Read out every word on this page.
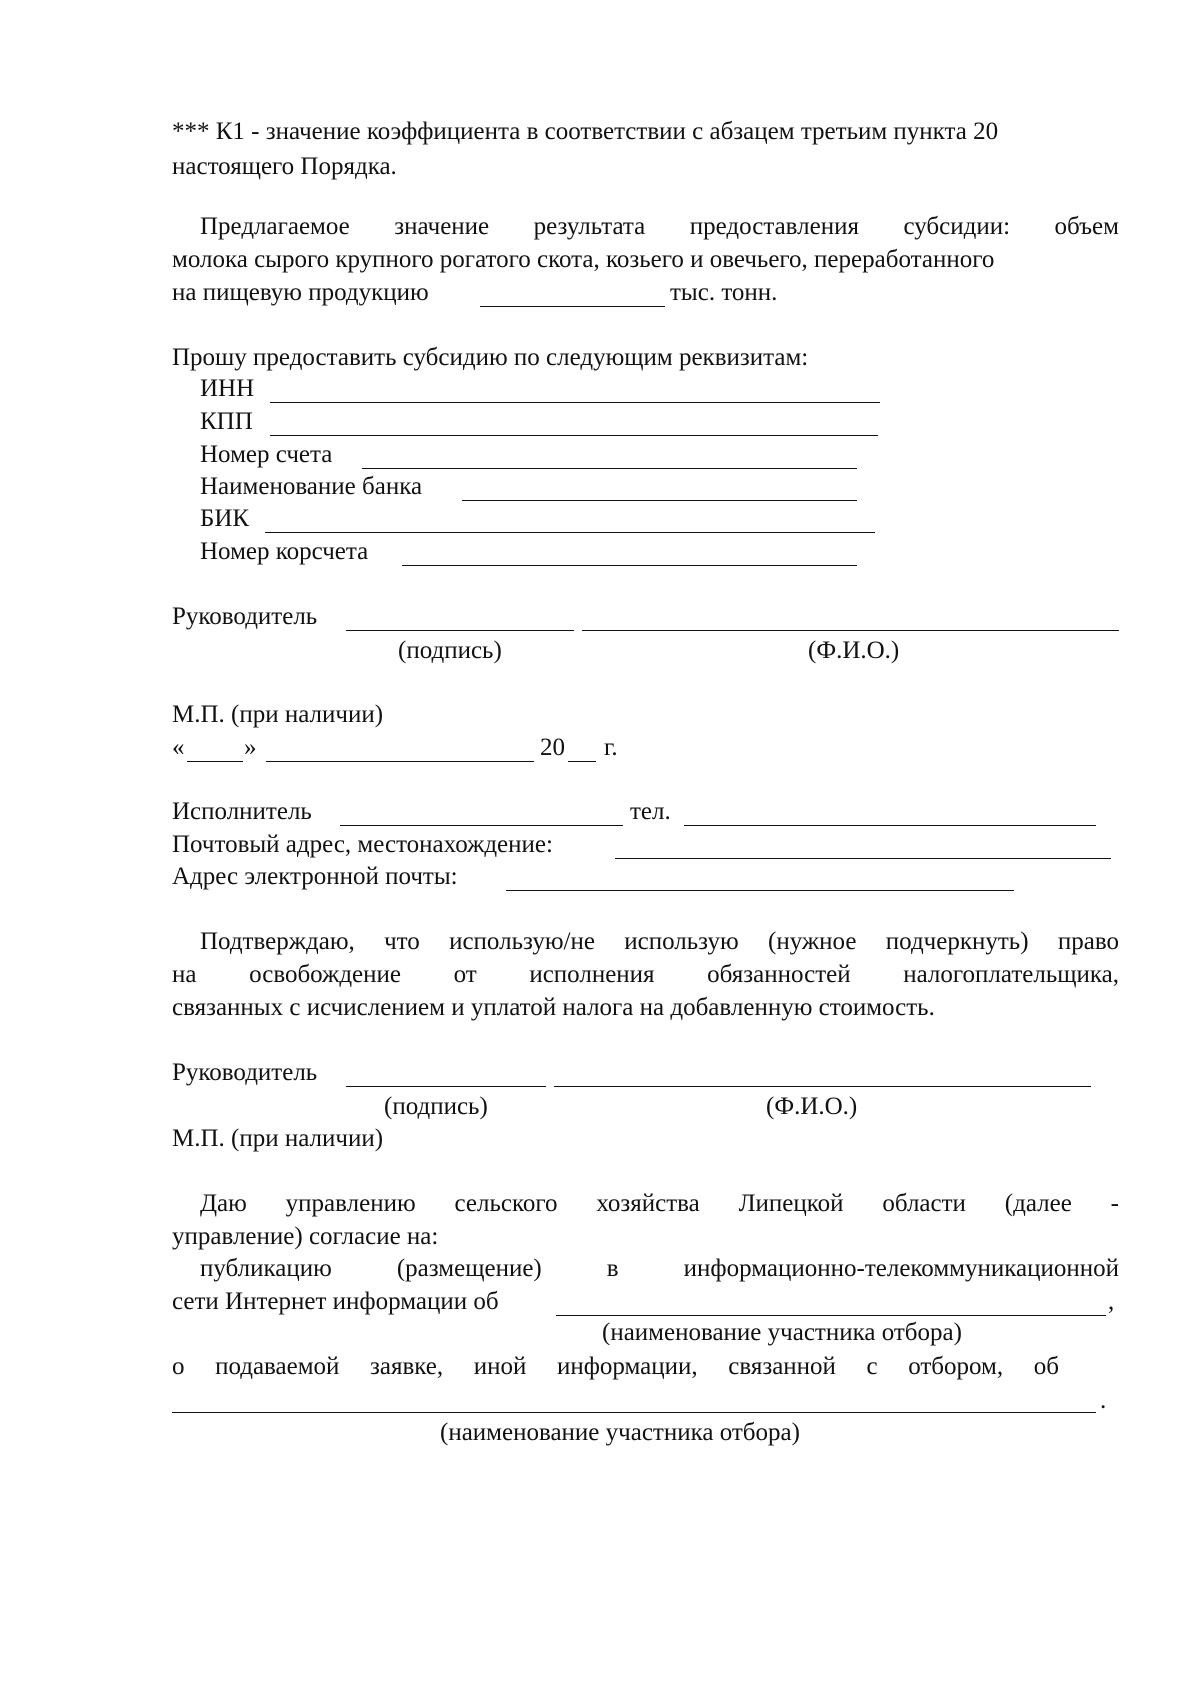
*** К1 - значение коэффициента в соответствии с абзацем третьим пункта 20
настоящего Порядка.
Предлагаемое значение результата предоставления субсидии: объем
молока сырого крупного рогатого скота, козьего и овечьего, переработанного
на пищевую продукцию	тыс. тонн.
Прошу предоставить субсидию по следующим реквизитам:
ИНН
КПП
Номер счета
Наименование банка
БИК
Номер корсчета
Руководитель
(подпись)	(Ф.И.О.)
М.П. (при наличии)
« »	20 г.
Исполнитель	тел.
Почтовый адрес, местонахождение:
Адрес электронной почты:
Подтверждаю, что использую/не использую (нужное подчеркнуть) право
на освобождение от исполнения обязанностей налогоплательщика,
связанных с исчислением и уплатой налога на добавленную стоимость.
Руководитель
(подпись)	(Ф.И.О.)
М.П. (при наличии)
Даю управлению сельского хозяйства Липецкой области (далее -
управление) согласие на:
публикацию	(размещение)	в	информационно-телекоммуникационной
сети Интернет информации об	,
(наименование участника отбора)
о подаваемой заявке, иной информации, связанной с отбором, об
.
(наименование участника отбора)
